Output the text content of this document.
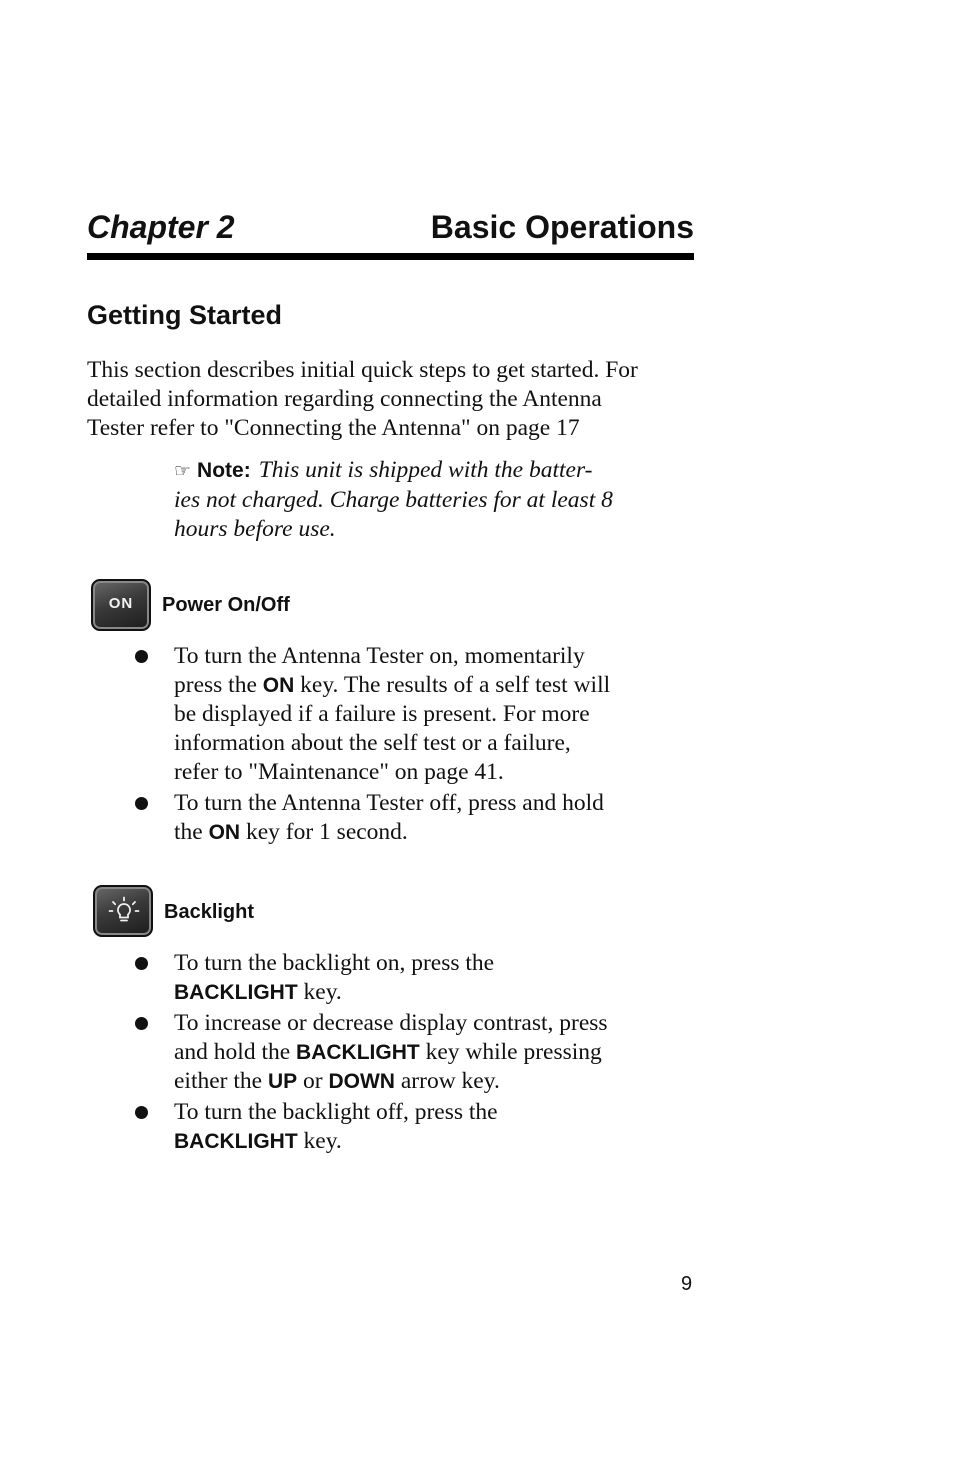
Chapter 2	Basic Operations
Getting Started

This section describes initial quick steps to get started. For
detailed information regarding connecting the Antenna
Tester refer to "Connecting the Antenna" on page 17

☞ Note: This unit is shipped with the batter-
ies not charged. Charge batteries for at least 8
hours before use.

ON	Power On/Off
To turn the Antenna Tester on, momentarily
press the ON key. The results of a self test will
be displayed if a failure is present. For more
information about the self test or a failure,
refer to "Maintenance" on page 41.
To turn the Antenna Tester off, press and hold
the ON key for 1 second.
Backlight
To turn the backlight on, press the
BACKLIGHT key.
To increase or decrease display contrast, press
and hold the BACKLIGHT key while pressing
either the UP or DOWN arrow key.
To turn the backlight off, press the
BACKLIGHT key.
9
